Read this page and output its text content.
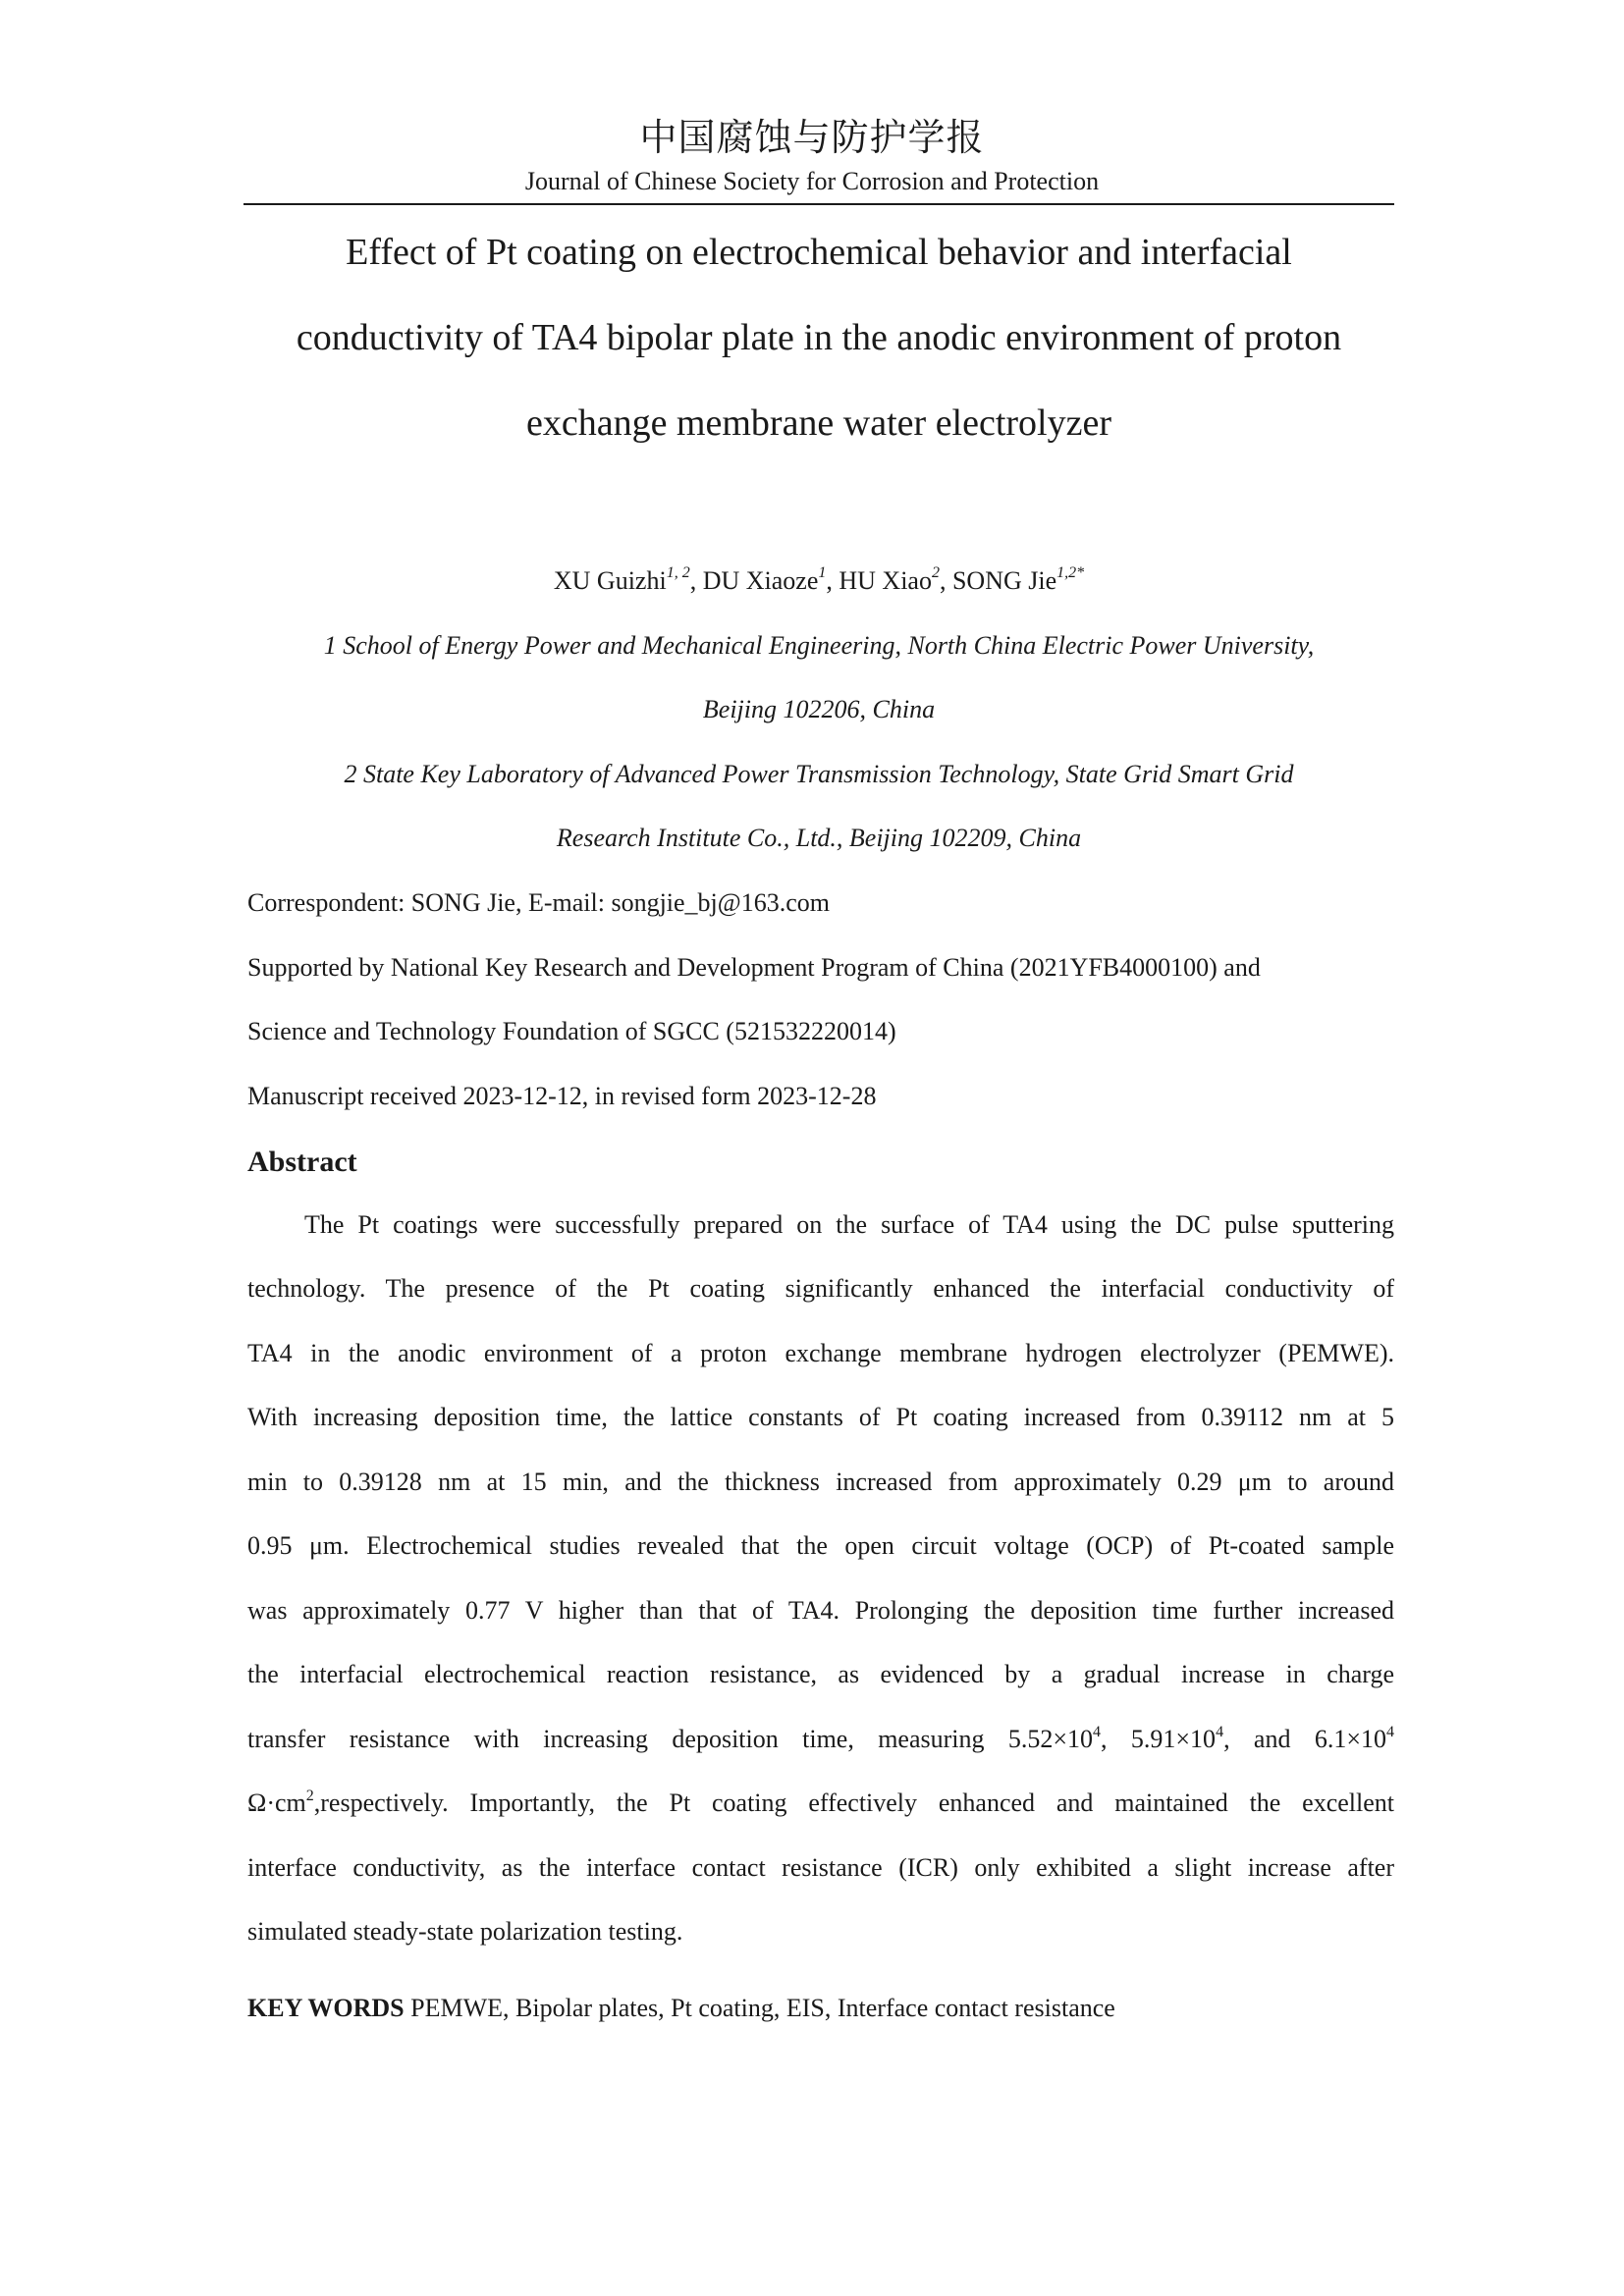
中国腐蚀与防护学报
Journal of Chinese Society for Corrosion and Protection
Effect of Pt coating on electrochemical behavior and interfacial
conductivity of TA4 bipolar plate in the anodic environment of proton
exchange membrane water electrolyzer
XU Guizhi$^{1, 2}$, DU Xiaoze$^1$, HU Xiao$^2$, SONG Jie$^{1,2*}$
1 School of Energy Power and Mechanical Engineering, North China Electric Power University,
Beijing 102206, China
2 State Key Laboratory of Advanced Power Transmission Technology, State Grid Smart Grid
Research Institute Co., Ltd., Beijing 102209, China
Correspondent: SONG Jie, E-mail: songjie_bj@163.com
Supported by National Key Research and Development Program of China (2021YFB4000100) and
Science and Technology Foundation of SGCC (521532220014)
Manuscript received 2023-12-12, in revised form 2023-12-28
Abstract
The Pt coatings were successfully prepared on the surface of TA4 using the DC pulse sputtering
technology. The presence of the Pt coating significantly enhanced the interfacial conductivity of
TA4 in the anodic environment of a proton exchange membrane hydrogen electrolyzer (PEMWE).
With increasing deposition time, the lattice constants of Pt coating increased from 0.39112 nm at 5
min to 0.39128 nm at 15 min, and the thickness increased from approximately 0.29 μm to around
0.95 μm. Electrochemical studies revealed that the open circuit voltage (OCP) of Pt-coated sample
was approximately 0.77 V higher than that of TA4. Prolonging the deposition time further increased
the interfacial electrochemical reaction resistance, as evidenced by a gradual increase in charge
transfer resistance with increasing deposition time, measuring $5.52\times 10^4$, $5.91\times 10^4$, and $6.1\times 10^4$
$\Omega\cdot cm^2,respectively$. Importantly, the Pt coating effectively enhanced and maintained the excellent
interface conductivity, as the interface contact resistance (ICR) only exhibited a slight increase after
simulated steady-state polarization testing.
KEY WORDS PEMWE, Bipolar plates, Pt coating, EIS, Interface contact resistance
